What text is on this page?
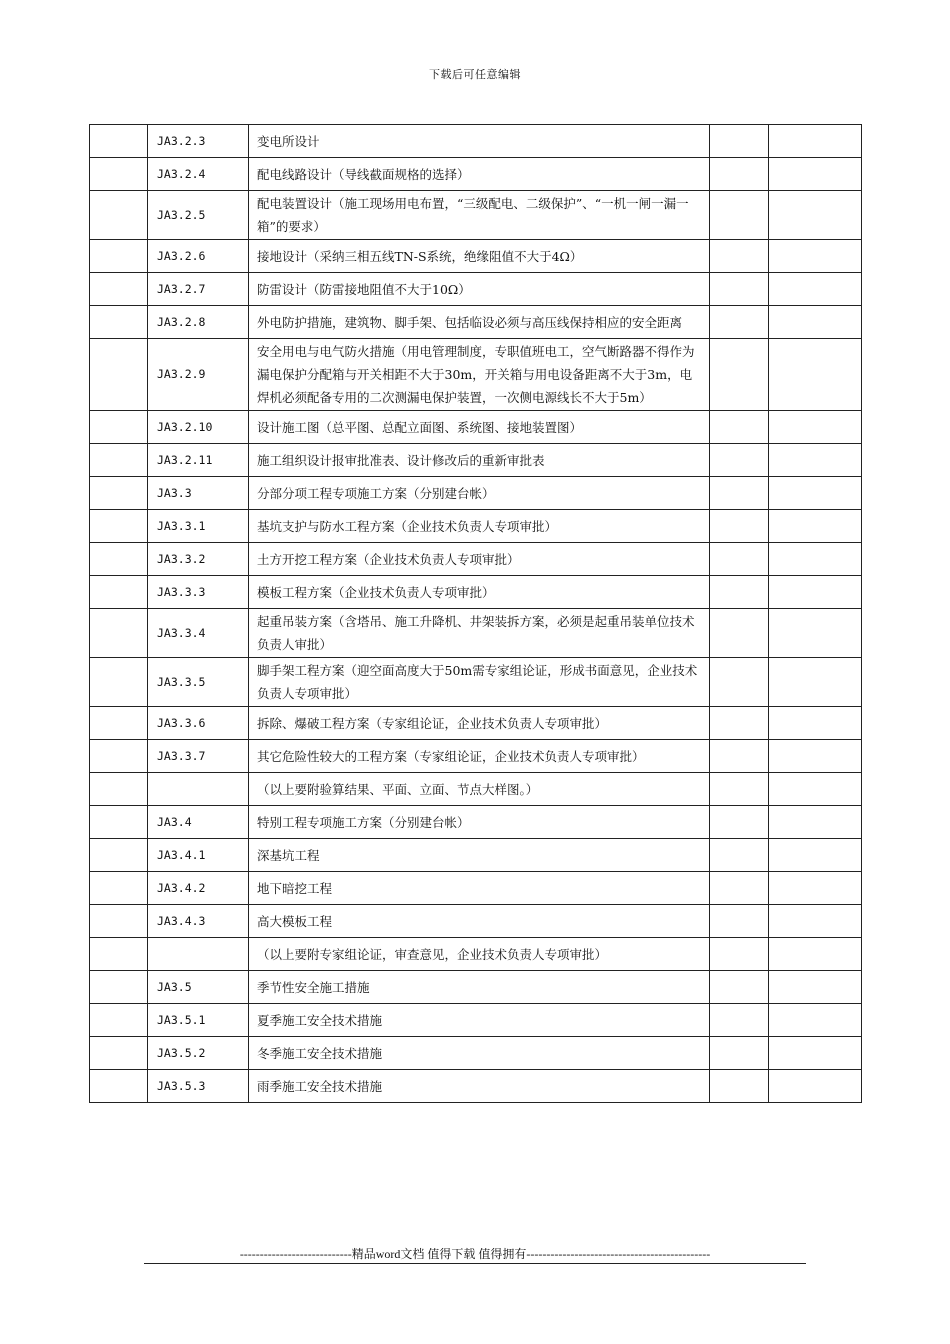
下载后可任意编辑
	JA3.2.3	变电所设计		
	JA3.2.4	配电线路设计（导线截面规格的选择）		
	JA3.2.5	配电装置设计（施工现场用电布置，“三级配电、二级保护”、“一机一闸一漏一箱”的要求）		
	JA3.2.6	接地设计（采纳三相五线TN-S系统，绝缘阻值不大于4Ω）		
	JA3.2.7	防雷设计（防雷接地阻值不大于10Ω）		
	JA3.2.8	外电防护措施，建筑物、脚手架、包括临设必须与高压线保持相应的安全距离		
	JA3.2.9	安全用电与电气防火措施（用电管理制度，专职值班电工，空气断路器不得作为漏电保护分配箱与开关相距不大于30m，开关箱与用电设备距离不大于3m，电焊机必须配备专用的二次测漏电保护装置，一次侧电源线长不大于5m）		
	JA3.2.10	设计施工图（总平图、总配立面图、系统图、接地装置图）		
	JA3.2.11	施工组织设计报审批准表、设计修改后的重新审批表		
	JA3.3	分部分项工程专项施工方案（分别建台帐）		
	JA3.3.1	基坑支护与防水工程方案（企业技术负责人专项审批）		
	JA3.3.2	土方开挖工程方案（企业技术负责人专项审批）		
	JA3.3.3	模板工程方案（企业技术负责人专项审批）		
	JA3.3.4	起重吊装方案（含塔吊、施工升降机、井架装拆方案，必须是起重吊装单位技术负责人审批）		
	JA3.3.5	脚手架工程方案（迎空面高度大于50m需专家组论证，形成书面意见，企业技术负责人专项审批）		
	JA3.3.6	拆除、爆破工程方案（专家组论证，企业技术负责人专项审批）		
	JA3.3.7	其它危险性较大的工程方案（专家组论证，企业技术负责人专项审批）		
		（以上要附验算结果、平面、立面、节点大样图。）		
	JA3.4	特别工程专项施工方案（分别建台帐）		
	JA3.4.1	深基坑工程		
	JA3.4.2	地下暗挖工程		
	JA3.4.3	高大模板工程		
		（以上要附专家组论证，审查意见，企业技术负责人专项审批）		
	JA3.5	季节性安全施工措施		
	JA3.5.1	夏季施工安全技术措施		
	JA3.5.2	冬季施工安全技术措施		
	JA3.5.3	雨季施工安全技术措施		
----------------------------精品word文档 值得下载 值得拥有----------------------------------------------
